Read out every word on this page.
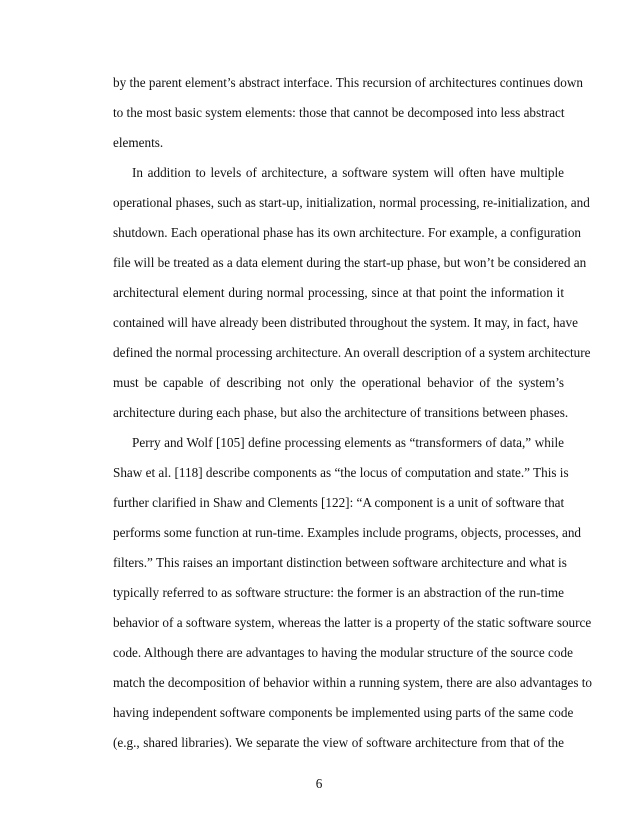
by the parent element’s abstract interface. This recursion of architectures continues down
to the most basic system elements: those that cannot be decomposed into less abstract
elements.
In addition to levels of architecture, a software system will often have multiple
operational phases, such as start-up, initialization, normal processing, re-initialization, and
shutdown. Each operational phase has its own architecture. For example, a configuration
file will be treated as a data element during the start-up phase, but won’t be considered an
architectural element during normal processing, since at that point the information it
contained will have already been distributed throughout the system. It may, in fact, have
defined the normal processing architecture. An overall description of a system architecture
must be capable of describing not only the operational behavior of the system’s
architecture during each phase, but also the architecture of transitions between phases.
Perry and Wolf [105] define processing elements as “transformers of data,” while
Shaw et al. [118] describe components as “the locus of computation and state.” This is
further clarified in Shaw and Clements [122]: “A component is a unit of software that
performs some function at run-time. Examples include programs, objects, processes, and
filters.” This raises an important distinction between software architecture and what is
typically referred to as software structure: the former is an abstraction of the run-time
behavior of a software system, whereas the latter is a property of the static software source
code. Although there are advantages to having the modular structure of the source code
match the decomposition of behavior within a running system, there are also advantages to
having independent software components be implemented using parts of the same code
(e.g., shared libraries). We separate the view of software architecture from that of the
6
